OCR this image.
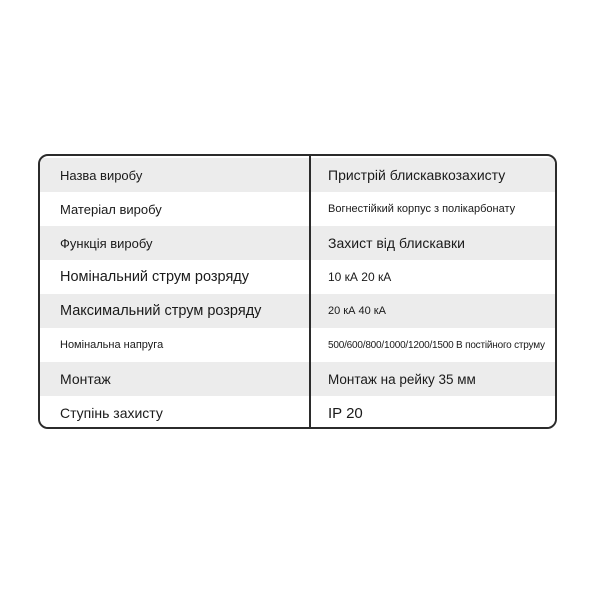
Назва виробу	Пристрій блискавкозахисту
Матеріал виробу	Вогнестійкий корпус з полікарбонату
Функція виробу	Захист від блискавки
Номінальний струм розряду	10 кА 20 кА
Максимальний струм розряду	20 кА 40 кА
Номінальна напруга	500/600/800/1000/1200/1500 В постійного струму
Монтаж	Монтаж на рейку 35 мм
Ступінь захисту	IP 20
